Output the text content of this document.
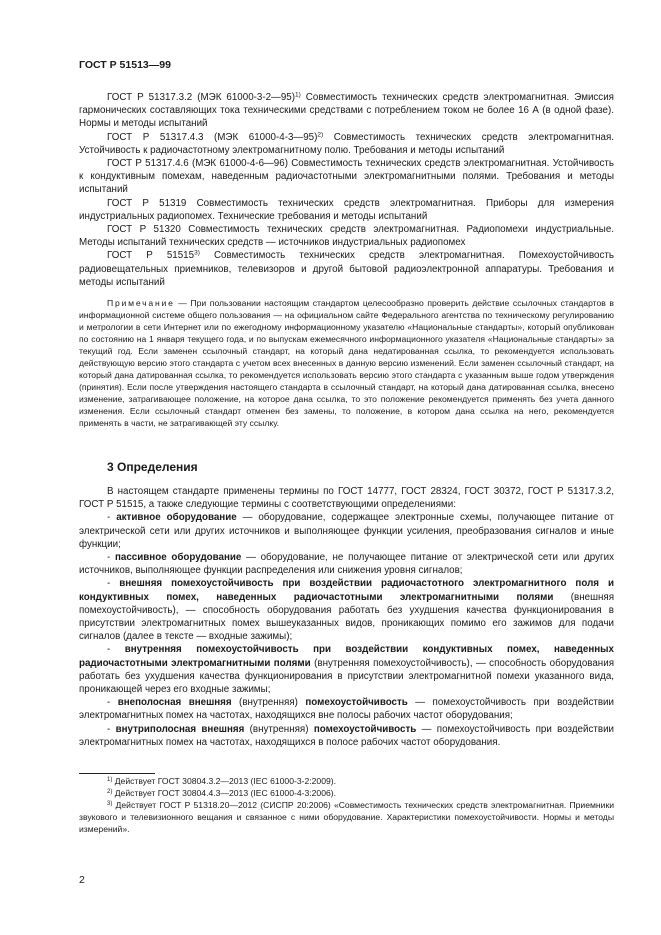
ГОСТ Р 51513—99

ГОСТ Р 51317.3.2 (МЭК 61000-3-2—95)$^{1)}$ Совместимость технических средств электромагнитная. Эмиссия гармонических составляющих тока техническими средствами с потреблением током не более 16 А (в одной фазе). Нормы и методы испытаний

ГОСТ Р 51317.4.3 (МЭК 61000-4-3—95)$^{2)}$ Совместимость технических средств электромагнитная. Устойчивость к радиочастотному электромагнитному полю. Требования и методы испытаний

ГОСТ Р 51317.4.6 (МЭК 61000-4-6—96) Совместимость технических средств электромагнитная. Устойчивость к кондуктивным помехам, наведенным радиочастотными электромагнитными полями. Требования и методы испытаний

ГОСТ Р 51319 Совместимость технических средств электромагнитная. Приборы для измерения индустриальных радиопомех. Технические требования и методы испытаний

ГОСТ Р 51320 Совместимость технических средств электромагнитная. Радиопомехи индустриальные. Методы испытаний технических средств — источников индустриальных радиопомех

ГОСТ Р 51515$^{3)}$ Совместимость технических средств электромагнитная. Помехоустойчивость радиовещательных приемников, телевизоров и другой бытовой радиоэлектронной аппаратуры. Требования и методы испытаний

Примечание — При пользовании настоящим стандартом целесообразно проверить действие ссылочных стандартов в информационной системе общего пользования — на официальном сайте Федерального агентства по техническому регулированию и метрологии в сети Интернет или по ежегодному информационному указателю «Национальные стандарты», который опубликован по состоянию на 1 января текущего года, и по выпускам ежемесячного информационного указателя «Национальные стандарты» за текущий год. Если заменен ссылочный стандарт, на который дана недатированная ссылка, то рекомендуется использовать действующую версию этого стандарта с учетом всех внесенных в данную версию изменений. Если заменен ссылочный стандарт, на который дана датированная ссылка, то рекомендуется использовать версию этого стандарта с указанным выше годом утверждения (принятия). Если после утверждения настоящего стандарта в ссылочный стандарт, на который дана датированная ссылка, внесено изменение, затрагивающее положение, на которое дана ссылка, то это положение рекомендуется применять без учета данного изменения. Если ссылочный стандарт отменен без замены, то положение, в котором дана ссылка на него, рекомендуется применять в части, не затрагивающей эту ссылку.

3 Определения

В настоящем стандарте применены термины по ГОСТ 14777, ГОСТ 28324, ГОСТ 30372, ГОСТ Р 51317.3.2, ГОСТ Р 51515, а также следующие термины с соответствующими определениями:

- активное оборудование — оборудование, содержащее электронные схемы, получающее питание от электрической сети или других источников и выполняющее функции усиления, преобразования сигналов и иные функции;

- пассивное оборудование — оборудование, не получающее питание от электрической сети или других источников, выполняющее функции распределения или снижения уровня сигналов;

- внешняя помехоустойчивость при воздействии радиочастотного электромагнитного поля и кондуктивных помех, наведенных радиочастотными электромагнитными полями (внешняя помехоустойчивость), — способность оборудования работать без ухудшения качества функционирования в присутствии электромагнитных помех вышеуказанных видов, проникающих помимо его зажимов для подачи сигналов (далее в тексте — входные зажимы);

- внутренняя помехоустойчивость при воздействии кондуктивных помех, наведенных радиочастотными электромагнитными полями (внутренняя помехоустойчивость), — способность оборудования работать без ухудшения качества функционирования в присутствии электромагнитной помехи указанного вида, проникающей через его входные зажимы;

- внеполосная внешняя (внутренняя) помехоустойчивость — помехоустойчивость при воздействии электромагнитных помех на частотах, находящихся вне полосы рабочих частот оборудования;

- внутриполосная внешняя (внутренняя) помехоустойчивость — помехоустойчивость при воздействии электромагнитных помех на частотах, находящихся в полосе рабочих частот оборудования.

$^{1)}$ Действует ГОСТ 30804.3.2—2013 (IEC 61000-3-2:2009).

$^{2)}$ Действует ГОСТ 30804.4.3—2013 (IEC 61000-4-3:2006).

$^{3)}$ Действует ГОСТ Р 51318.20—2012 (СИСПР 20:2006) «Совместимость технических средств электромагнитная. Приемники звукового и телевизионного вещания и связанное с ними оборудование. Характеристики помехоустойчивости. Нормы и методы измерений».

2
